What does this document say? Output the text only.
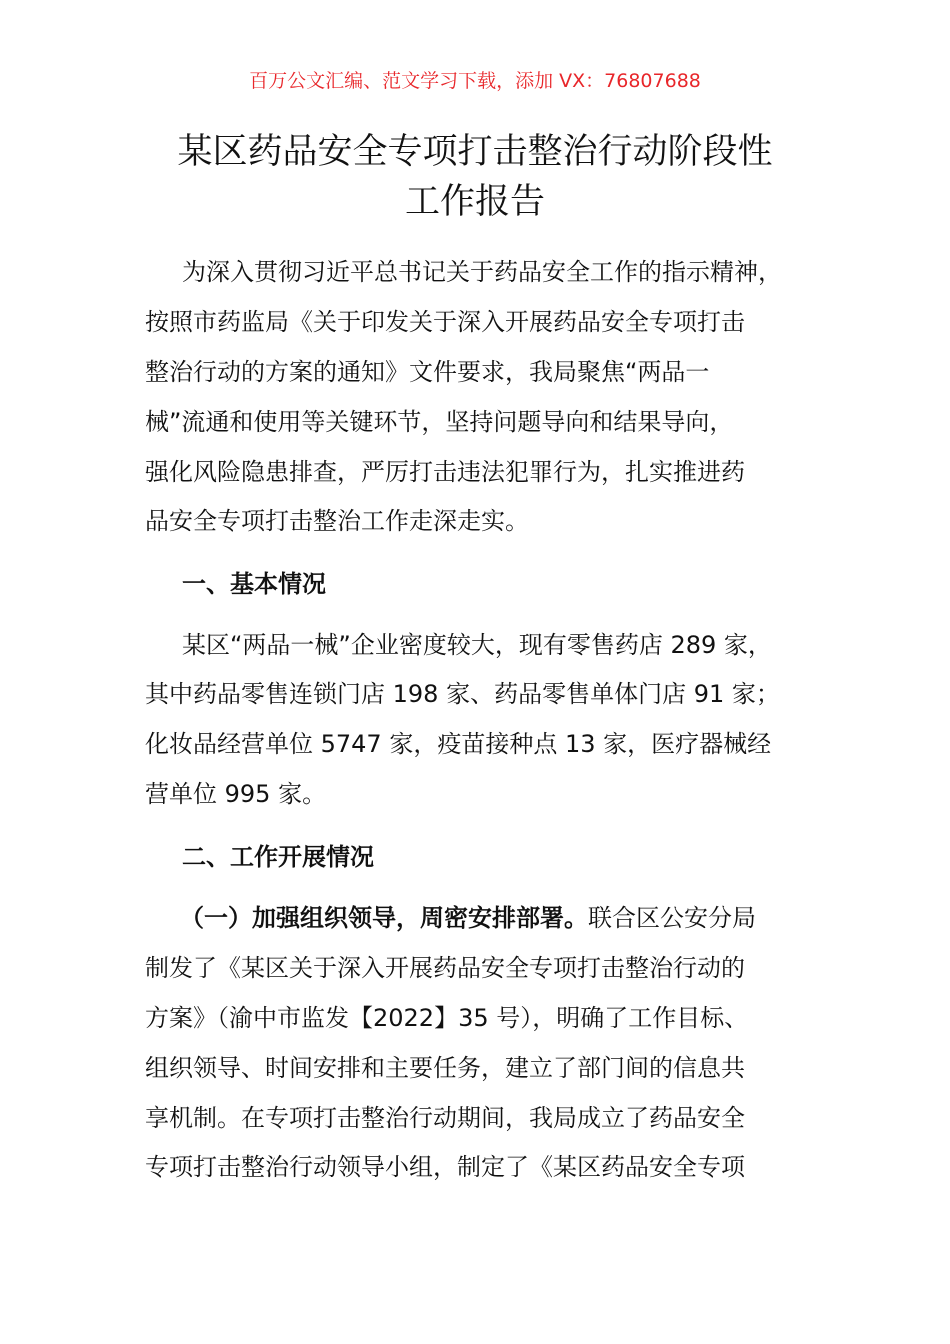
百万公文汇编、范文学习下载，添加 VX：76807688
某区药品安全专项打击整治行动阶段性
工作报告
为深入贯彻习近平总书记关于药品安全工作的指示精神，
按照市药监局《关于印发关于深入开展药品安全专项打击
整治行动的方案的通知》文件要求，我局聚焦“两品一
械”流通和使用等关键环节，坚持问题导向和结果导向，
强化风险隐患排查，严厉打击违法犯罪行为，扎实推进药
品安全专项打击整治工作走深走实。
一、基本情况
某区“两品一械”企业密度较大，现有零售药店 289 家，
其中药品零售连锁门店 198 家、药品零售单体门店 91 家；
化妆品经营单位 5747 家，疫苗接种点 13 家，医疗器械经
营单位 995 家。
二、工作开展情况
（一）加强组织领导，周密安排部署。联合区公安分局
制发了《某区关于深入开展药品安全专项打击整治行动的
方案》（渝中市监发【2022】35 号），明确了工作目标、
组织领导、时间安排和主要任务，建立了部门间的信息共
享机制。在专项打击整治行动期间，我局成立了药品安全
专项打击整治行动领导小组，制定了《某区药品安全专项
